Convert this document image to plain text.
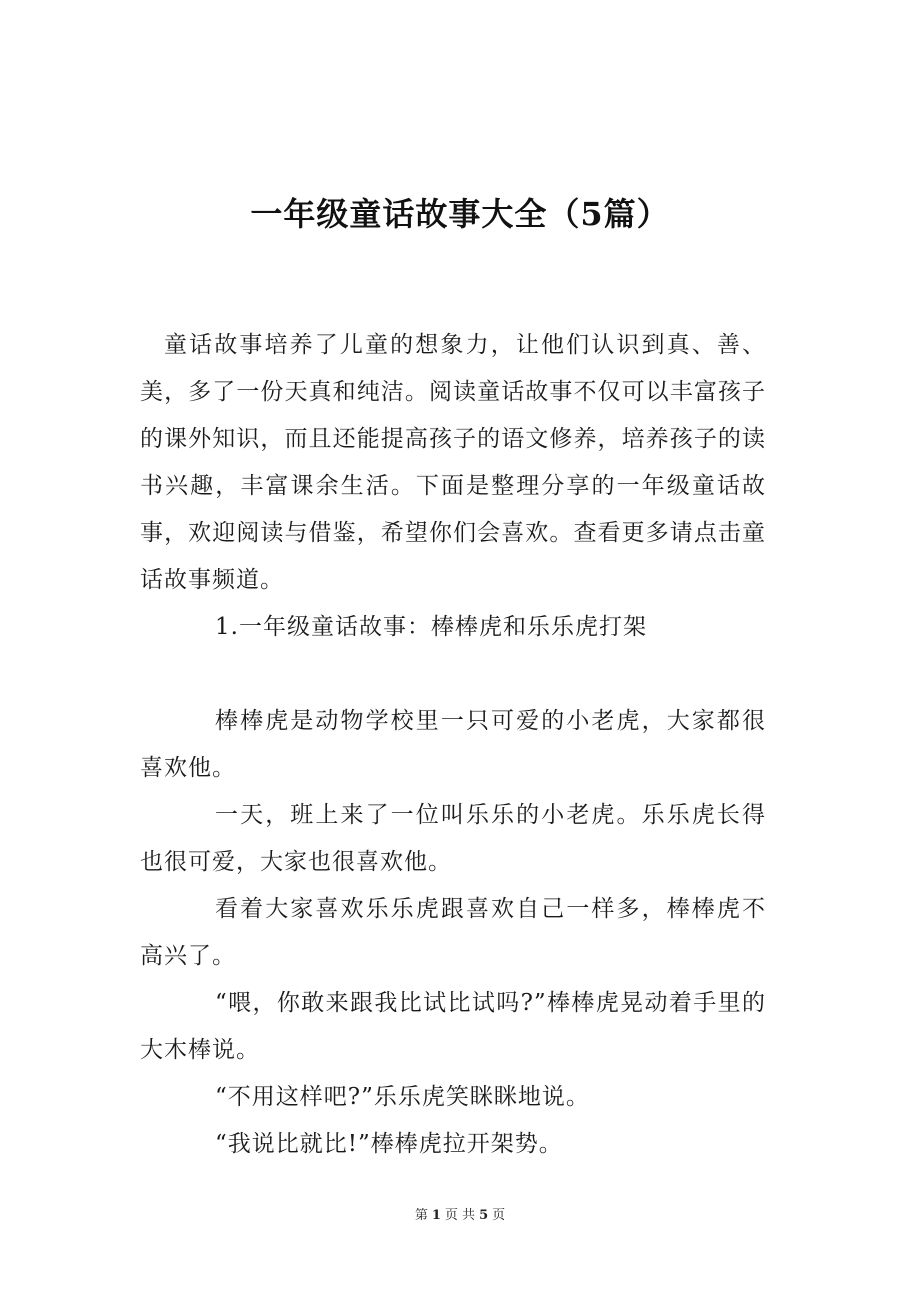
一年级童话故事大全（5篇）

童话故事培养了儿童的想象力，让他们认识到真、善、美，多了一份天真和纯洁。阅读童话故事不仅可以丰富孩子的课外知识，而且还能提高孩子的语文修养，培养孩子的读书兴趣，丰富课余生活。下面是整理分享的一年级童话故事，欢迎阅读与借鉴，希望你们会喜欢。查看更多请点击童话故事频道。

1.一年级童话故事：棒棒虎和乐乐虎打架

棒棒虎是动物学校里一只可爱的小老虎，大家都很喜欢他。

一天，班上来了一位叫乐乐的小老虎。乐乐虎长得也很可爱，大家也很喜欢他。

看着大家喜欢乐乐虎跟喜欢自己一样多，棒棒虎不高兴了。

“喂，你敢来跟我比试比试吗?”棒棒虎晃动着手里的大木棒说。

“不用这样吧?”乐乐虎笑眯眯地说。

“我说比就比!”棒棒虎拉开架势。

第 1 页 共 5 页
